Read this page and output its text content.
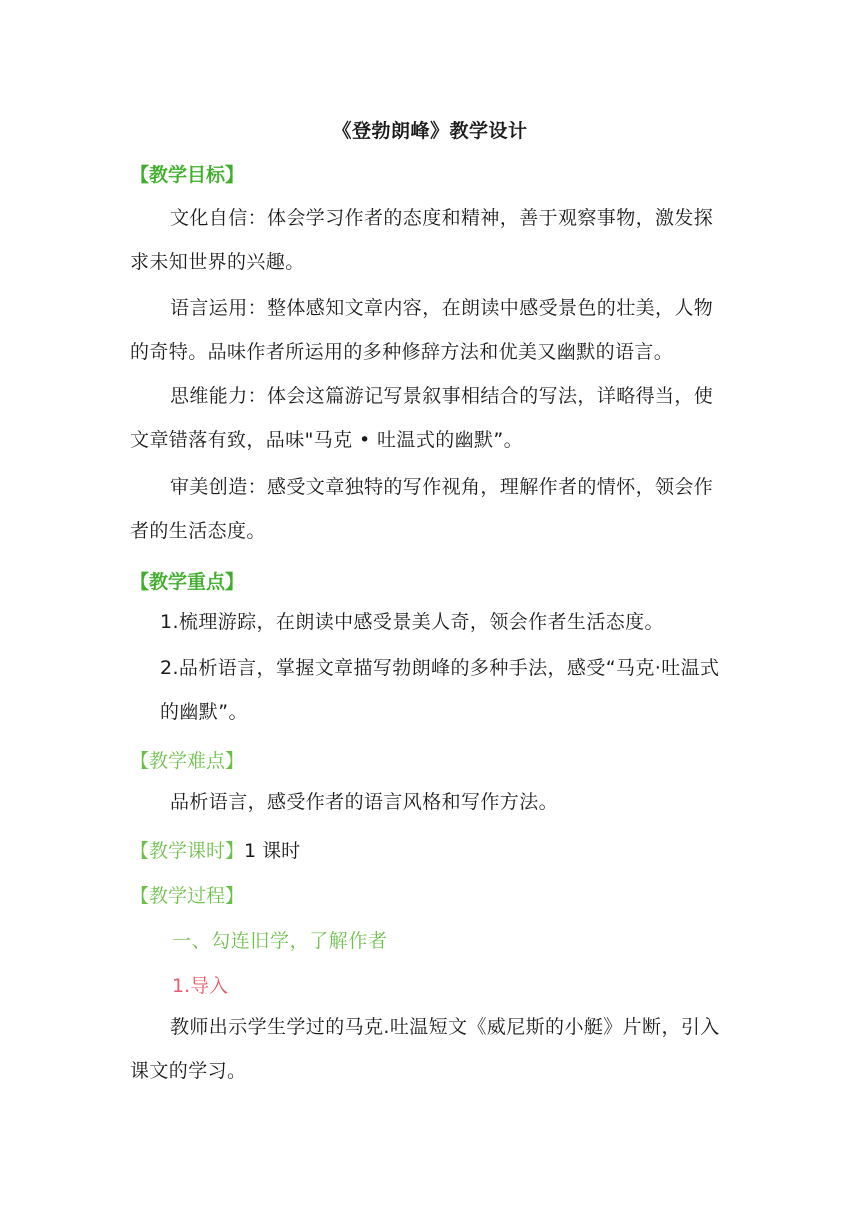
《登勃朗峰》教学设计
【教学目标】
文化自信：体会学习作者的态度和精神，善于观察事物，激发探求未知世界的兴趣。
语言运用：整体感知文章内容，在朗读中感受景色的壮美，人物的奇特。品味作者所运用的多种修辞方法和优美又幽默的语言。
思维能力：体会这篇游记写景叙事相结合的写法，详略得当，使文章错落有致，品味"马克 • 吐温式的幽默”。
审美创造：感受文章独特的写作视角，理解作者的情怀，领会作者的生活态度。
【教学重点】
1.梳理游踪，在朗读中感受景美人奇，领会作者生活态度。
2.品析语言，掌握文章描写勃朗峰的多种手法，感受“马克·吐温式的幽默”。
【教学难点】
品析语言，感受作者的语言风格和写作方法。
【教学课时】1 课时
【教学过程】
一、勾连旧学，了解作者
1.导入
教师出示学生学过的马克.吐温短文《威尼斯的小艇》片断，引入课文的学习。
